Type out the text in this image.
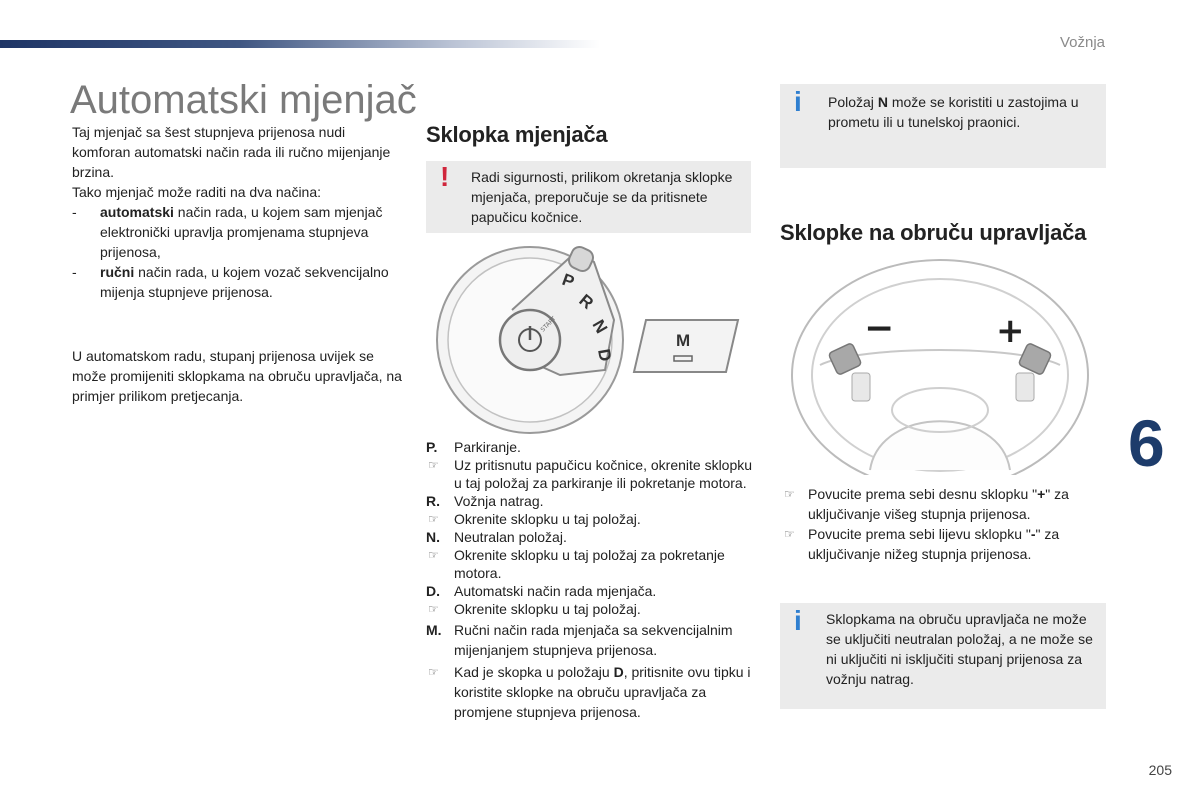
Vožnja
6
205
Automatski mjenjač

Taj mjenjač sa šest stupnjeva prijenosa nudi komforan automatski način rada ili ručno mijenjanje brzina.

Tako mjenjač može raditi na dva načina:

- automatski način rada, u kojem sam mjenjač elektronički upravlja promjenama stupnjeva prijenosa,

- ručni način rada, u kojem vozač sekvencijalno mijenja stupnjeve prijenosa.

U automatskom radu, stupanj prijenosa uvijek se može promijeniti sklopkama na obruču upravljača, na primjer prilikom pretjecanja.

Sklopka mjenjača
! Radi sigurnosti, prilikom okretanja sklopke mjenjača, preporučuje se da pritisnete papučicu kočnice.
START
P
R
N
D
M

P. Parkiranje.

☞ Uz pritisnutu papučicu kočnice, okrenite sklopku u taj položaj za parkiranje ili pokretanje motora.

R. Vožnja natrag.

☞ Okrenite sklopku u taj položaj.

N. Neutralan položaj.

☞ Okrenite sklopku u taj položaj za pokretanje motora.

D. Automatski način rada mjenjača.

☞ Okrenite sklopku u taj položaj.

M. Ručni način rada mjenjača sa sekvencijalnim mijenjanjem stupnjeva prijenosa.

☞ Kad je skopka u položaju D, pritisnite ovu tipku i koristite sklopke na obruču upravljača za promjene stupnjeva prijenosa.

i Položaj N može se koristiti u zastojima u prometu ili u tunelskoj praonici.
Sklopke na obruču upravljača
−	+

☞ Povucite prema sebi desnu sklopku "+" za uključivanje višeg stupnja prijenosa.

☞ Povucite prema sebi lijevu sklopku "-" za uključivanje nižeg stupnja prijenosa.

i Sklopkama na obruču upravljača ne može se uključiti neutralan položaj, a ne može se ni uključiti ni isključiti stupanj prijenosa za vožnju natrag.
